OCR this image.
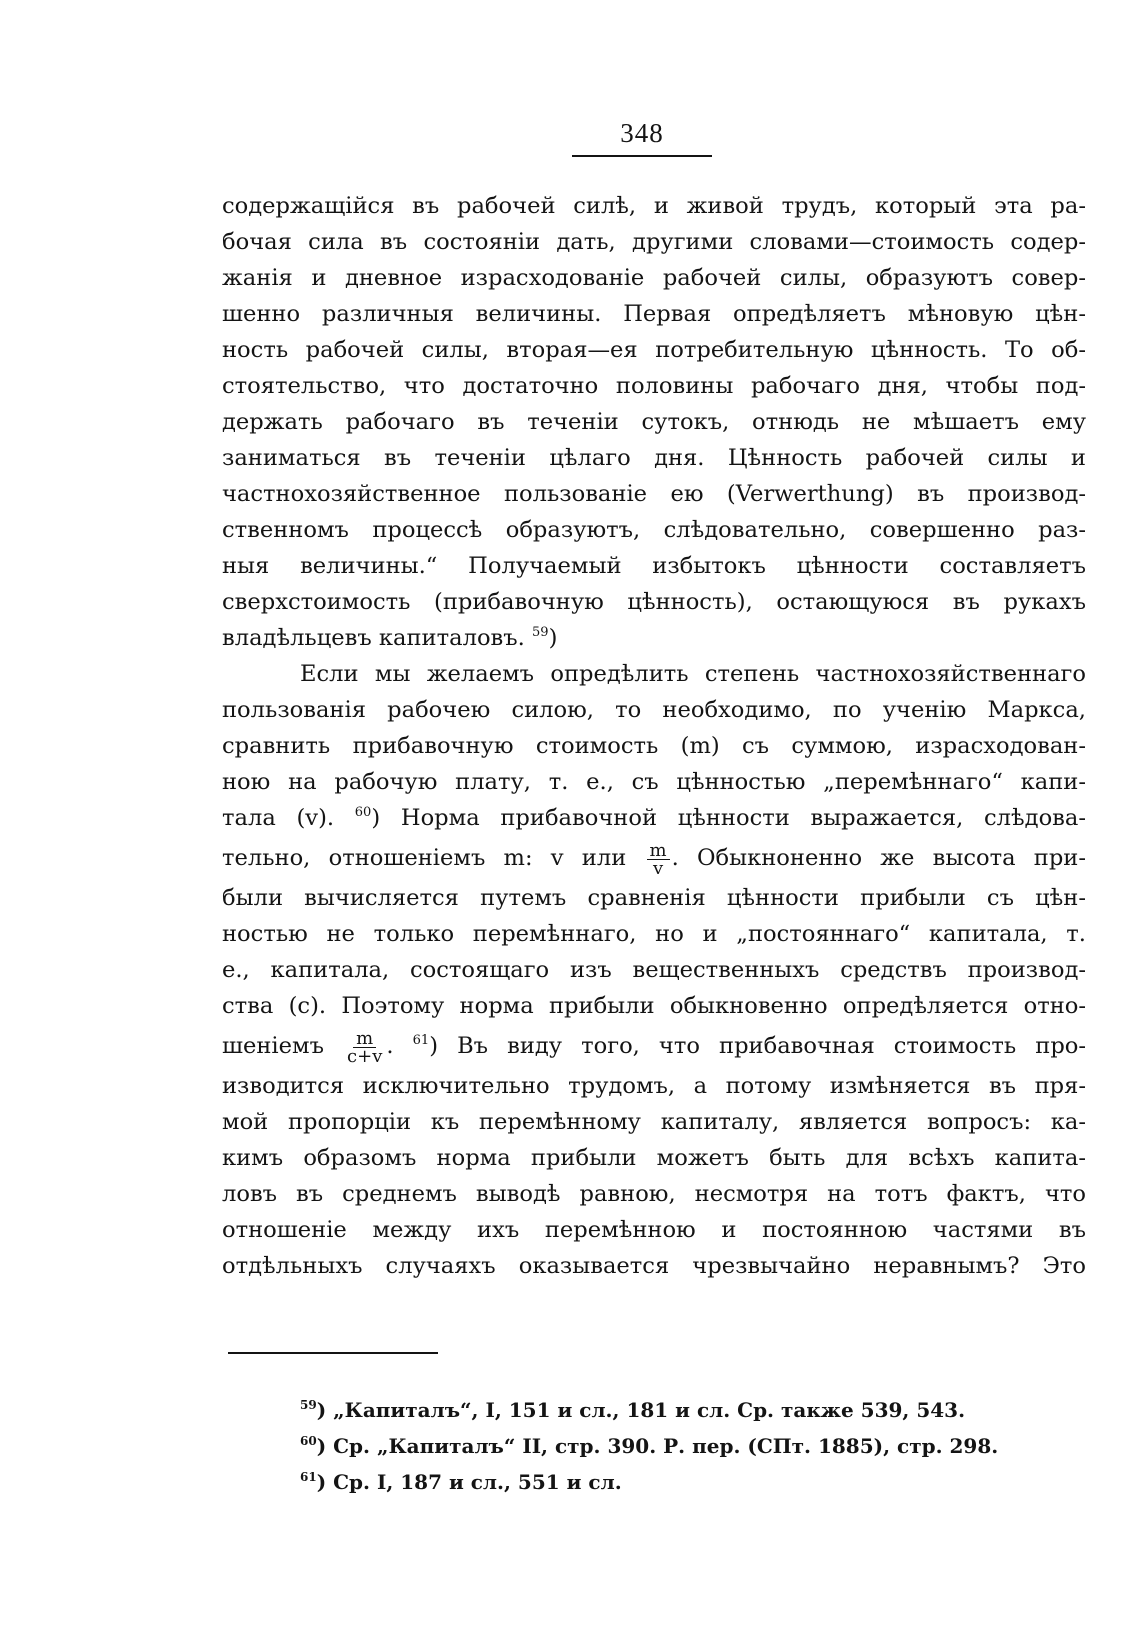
348
содержащійся въ рабочей силѣ, и живой трудъ, который эта ра-
бочая сила въ состояніи дать, другими словами—стоимость содер-
жанія и дневное израсходованіе рабочей силы, образуютъ совер-
шенно различныя величины. Первая опредѣляетъ мѣновую цѣн-
ность рабочей силы, вторая—ея потребительную цѣнность. То об-
стоятельство, что достаточно половины рабочаго дня, чтобы под-
держать рабочаго въ теченіи сутокъ, отнюдь не мѣшаетъ ему
заниматься въ теченіи цѣлаго дня. Цѣнность рабочей силы и
частнохозяйственное пользованіе ею (Verwerthung) въ производ-
ственномъ процессѣ образуютъ, слѣдовательно, совершенно раз-
ныя величины.“ Получаемый избытокъ цѣнности составляетъ
сверхстоимость (прибавочную цѣнность), остающуюся въ рукахъ
владѣльцевъ капиталовъ. $^{59}$)
Если мы желаемъ опредѣлить степень частнохозяйственнаго
пользованія рабочею силою, то необходимо, по ученію Маркса,
сравнить прибавочную стоимость (m) съ суммою, израсходован-
ною на рабочую плату, т. е., съ цѣнностью „перемѣннаго“ капи-
тала (v). $^{60}$) Норма прибавочной цѣнности выражается, слѣдова-
тельно, отношеніемъ m: v или $\frac{m}{v}$ . Обыкноненно же высота при-
были вычисляется путемъ сравненія цѣнности прибыли съ цѣн-
ностью не только перемѣннаго, но и „постояннаго“ капитала, т.
е., капитала, состоящаго изъ вещественныхъ средствъ производ-
ства (c). Поэтому норма прибыли обыкновенно опредѣляется отно-
шеніемъ $\frac{m}{c+v}$ . $^{61}$) Въ виду того, что прибавочная стоимость про-
изводится исключительно трудомъ, а потому измѣняется въ пря-
мой пропорціи къ перемѣнному капиталу, является вопросъ: ка-
кимъ образомъ норма прибыли можетъ быть для всѣхъ капита-
ловъ въ среднемъ выводѣ равною, несмотря на тотъ фактъ, что
отношеніе между ихъ перемѣнною и постоянною частями въ
отдѣльныхъ случаяхъ оказывается чрезвычайно неравнымъ? Это
$^{59}$) „Капиталъ“, I, 151 и сл., 181 и сл. Ср. также 539, 543.
$^{60}$) Ср. „Капиталъ“ II, стр. 390. Р. пер. (СПт. 1885), стр. 298.
$^{61}$) Ср. I, 187 и сл., 551 и сл.
